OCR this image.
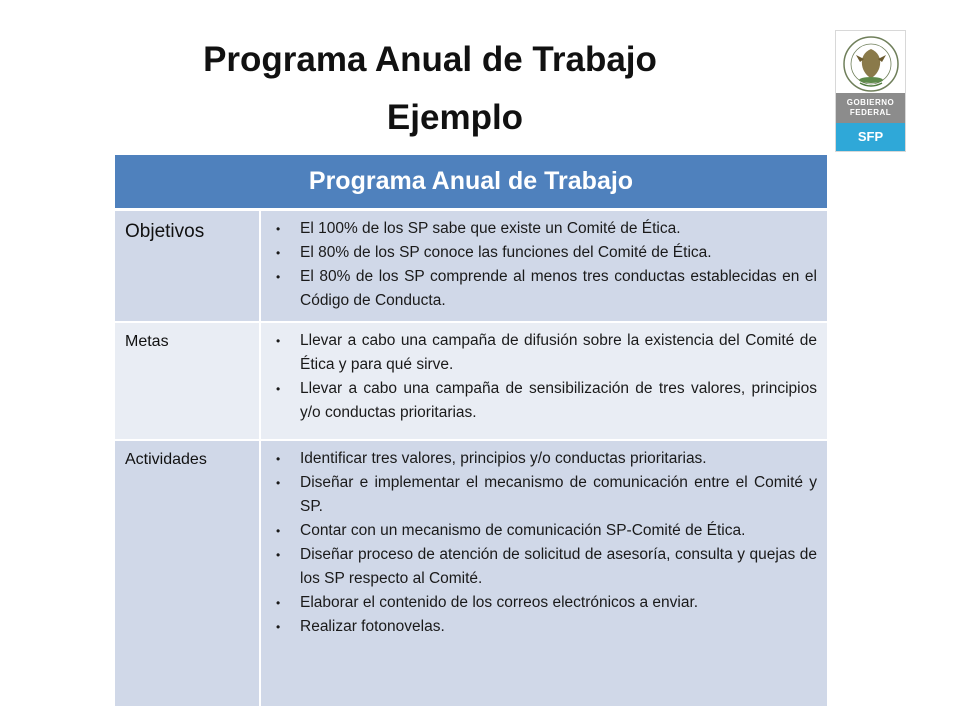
Programa Anual de Trabajo
Ejemplo	GOBIERNO
FEDERAL
SFP
Programa Anual de Trabajo
Objetivos	• El 100% de los SP sabe que existe un Comité de Ética.
• El 80% de los SP conoce las funciones del Comité de Ética.
• El 80% de los SP comprende al menos tres conductas establecidas en el Código de Conducta.
Metas	• Llevar a cabo una campaña de difusión sobre la existencia del Comité de Ética y para qué sirve.
• Llevar a cabo una campaña de sensibilización de tres valores, principios y/o conductas prioritarias.
Actividades	• Identificar tres valores, principios y/o conductas prioritarias.
• Diseñar e implementar el mecanismo de comunicación entre el Comité y SP.
• Contar con un mecanismo de comunicación SP-Comité de Ética.
• Diseñar proceso de atención de solicitud de asesoría, consulta y quejas de los SP respecto al Comité.
• Elaborar el contenido de los correos electrónicos a enviar.
• Realizar fotonovelas.
